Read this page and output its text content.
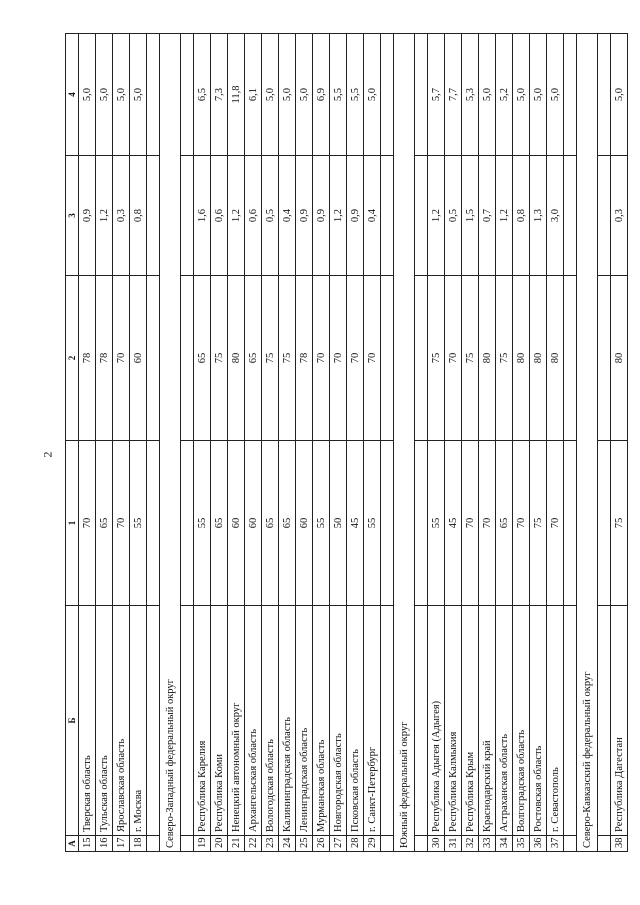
2
А	Б	1	2	3	4
15	Тверская область	70	78	0,9	5,0
16	Тульская область	65	78	1,2	5,0
17	Ярославская область	70	70	0,3	5,0
18	г. Москва	55	60	0,8	5,0

Северо-Западный федеральный округ					

19	Республика Карелия	55	65	1,6	6,5
20	Республика Коми	65	75	0,6	7,3
21	Ненецкий автономный округ	60	80	1,2	11,8
22	Архангельская область	60	65	0,6	6,1
23	Вологодская область	65	75	0,5	5,0
24	Калининградская область	65	75	0,4	5,0
25	Ленинградская область	60	78	0,9	5,0
26	Мурманская область	55	70	0,9	6,9
27	Новгородская область	50	70	1,2	5,5
28	Псковская область	45	70	0,9	5,5
29	г. Санкт-Петербург	55	70	0,4	5,0

Южный федеральный округ					

30	Республика Адыгея (Адыгея)	55	75	1,2	5,7
31	Республика Калмыкия	45	70	0,5	7,7
32	Республика Крым	70	75	1,5	5,3
33	Краснодарский край	70	80	0,7	5,0
34	Астраханская область	65	75	1,2	5,2
35	Волгоградская область	70	80	0,8	5,0
36	Ростовская область	75	80	1,3	5,0
37	г. Севастополь	70	80	3,0	5,0

Северо-Кавказский федеральный округ					

38	Республика Дагестан	75	80	0,3	5,0
